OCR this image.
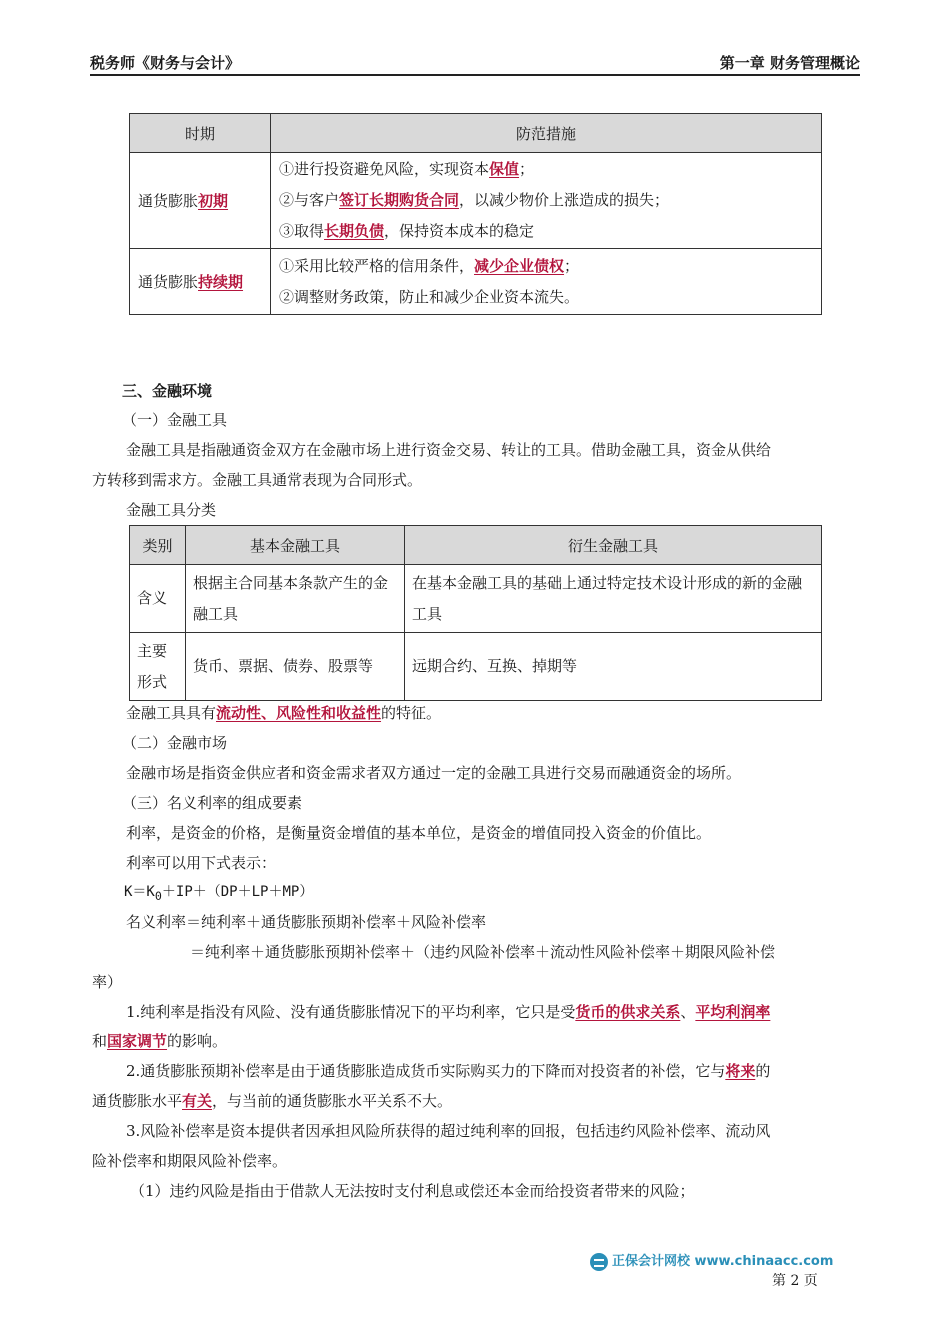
税务师《财务与会计》	第一章 财务管理概论
时期	防范措施
通货膨胀初期	①进行投资避免风险，实现资本保值；
②与客户签订长期购货合同，以减少物价上涨造成的损失；
③取得长期负债，保持资本成本的稳定

通货膨胀持续期	①采用比较严格的信用条件，减少企业债权；
②调整财务政策，防止和减少企业资本流失。
三、金融环境
（一）金融工具
金融工具是指融通资金双方在金融市场上进行资金交易、转让的工具。借助金融工具，资金从供给
方转移到需求方。金融工具通常表现为合同形式。
金融工具分类
类别	基本金融工具	衍生金融工具
含义	根据主合同基本条款产生的金融工具	在基本金融工具的基础上通过特定技术设计形成的新的金融工具
主要形式	货币、票据、债券、股票等	远期合约、互换、掉期等
金融工具具有流动性、风险性和收益性的特征。
（二）金融市场
金融市场是指资金供应者和资金需求者双方通过一定的金融工具进行交易而融通资金的场所。
（三）名义利率的组成要素
利率，是资金的价格，是衡量资金增值的基本单位，是资金的增值同投入资金的价值比。
利率可以用下式表示：
$K=K_0+IP+(DP+LP+MP)$
名义利率＝纯利率＋通货膨胀预期补偿率＋风险补偿率
＝纯利率＋通货膨胀预期补偿率＋（违约风险补偿率＋流动性风险补偿率＋期限风险补偿
率）
1.纯利率是指没有风险、没有通货膨胀情况下的平均利率，它只是受货币的供求关系、平均利润率
和国家调节的影响。
2.通货膨胀预期补偿率是由于通货膨胀造成货币实际购买力的下降而对投资者的补偿，它与将来的
通货膨胀水平有关，与当前的通货膨胀水平关系不大。
3.风险补偿率是资本提供者因承担风险所获得的超过纯利率的回报，包括违约风险补偿率、流动风
险补偿率和期限风险补偿率。
（1）违约风险是指由于借款人无法按时支付利息或偿还本金而给投资者带来的风险；
正保会计网校 www.chinaacc.com
第 2 页
